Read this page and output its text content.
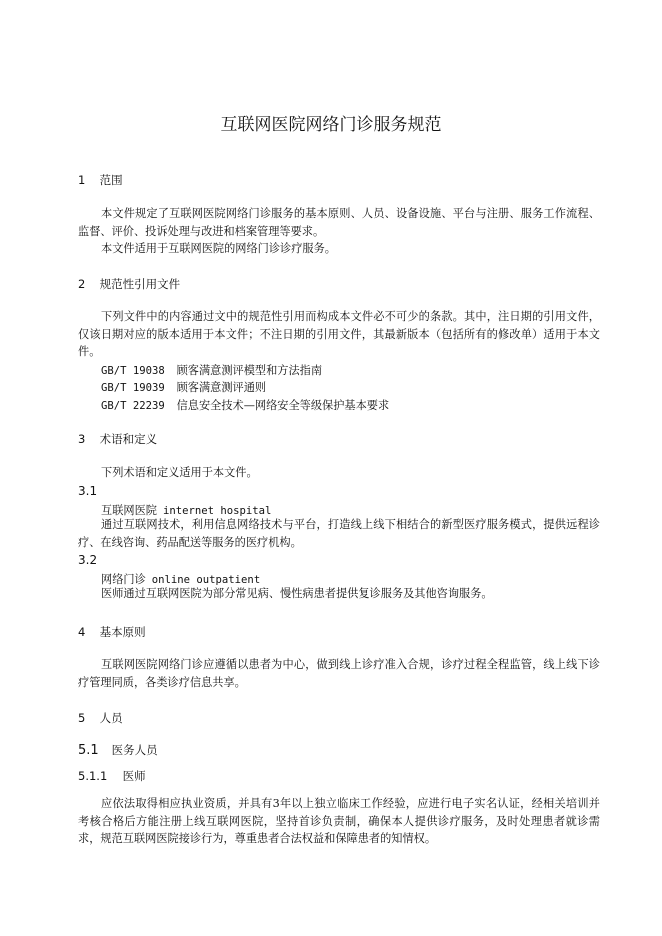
互联网医院网络门诊服务规范
1 范围
本文件规定了互联网医院网络门诊服务的基本原则、人员、设备设施、平台与注册、服务工作流程、监督、评价、投诉处理与改进和档案管理等要求。
本文件适用于互联网医院的网络门诊诊疗服务。
2 规范性引用文件
下列文件中的内容通过文中的规范性引用而构成本文件必不可少的条款。其中，注日期的引用文件，仅该日期对应的版本适用于本文件；不注日期的引用文件，其最新版本（包括所有的修改单）适用于本文件。
GB/T 19038 顾客满意测评模型和方法指南
GB/T 19039 顾客满意测评通则
GB/T 22239 信息安全技术—网络安全等级保护基本要求
3 术语和定义
下列术语和定义适用于本文件。
3.1
互联网医院 internet hospital
通过互联网技术，利用信息网络技术与平台，打造线上线下相结合的新型医疗服务模式，提供远程诊疗、在线咨询、药品配送等服务的医疗机构。
3.2
网络门诊 online outpatient
医师通过互联网医院为部分常见病、慢性病患者提供复诊服务及其他咨询服务。
4 基本原则
互联网医院网络门诊应遵循以患者为中心，做到线上诊疗准入合规，诊疗过程全程监管，线上线下诊疗管理同质，各类诊疗信息共享。
5 人员
5.1 医务人员
5.1.1 医师
应依法取得相应执业资质，并具有3年以上独立临床工作经验，应进行电子实名认证，经相关培训并考核合格后方能注册上线互联网医院，坚持首诊负责制，确保本人提供诊疗服务，及时处理患者就诊需求，规范互联网医院接诊行为，尊重患者合法权益和保障患者的知情权。
